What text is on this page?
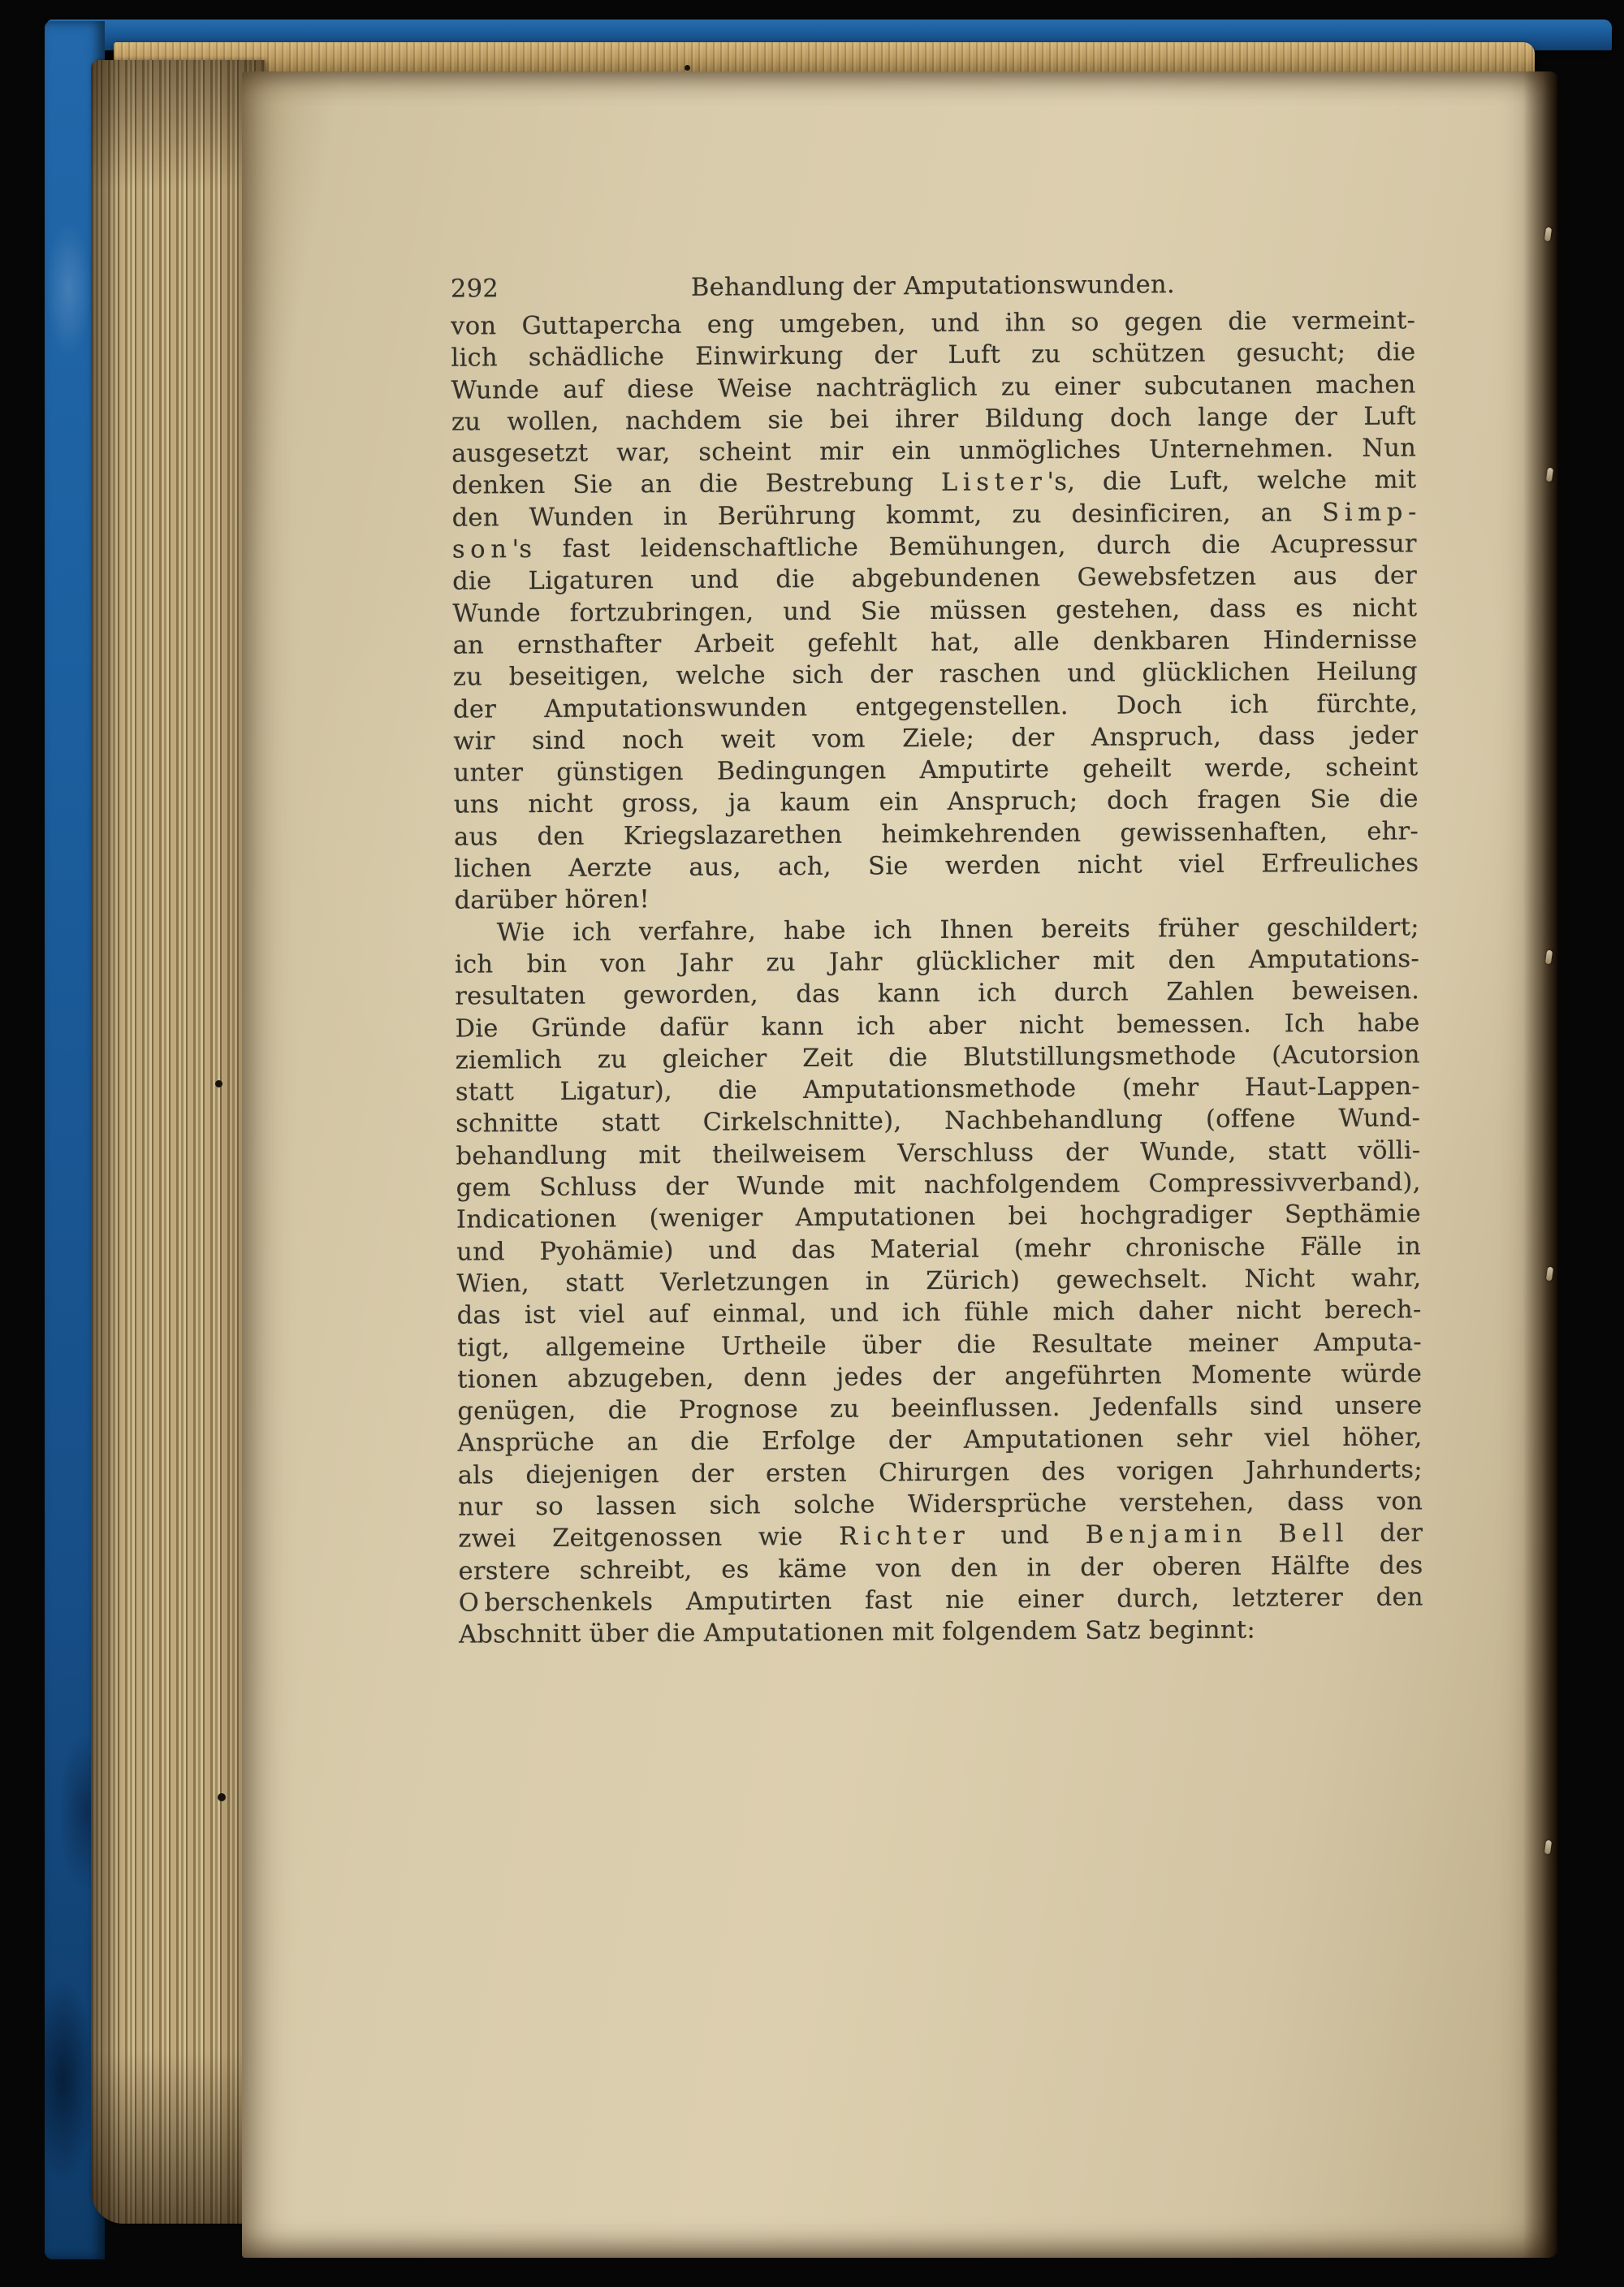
292	Behandlung der Amputationswunden.
von Guttapercha eng umgeben, und ihn so gegen die vermeint-
lich schädliche Einwirkung der Luft zu schützen gesucht; die
Wunde auf diese Weise nachträglich zu einer subcutanen machen
zu wollen, nachdem sie bei ihrer Bildung doch lange der Luft
ausgesetzt war, scheint mir ein unmögliches Unternehmen. Nun
denken Sie an die Bestrebung L i s t e r 's, die Luft, welche mit
den Wunden in Berührung kommt, zu desinficiren, an S i m p -
s o n 's fast leidenschaftliche Bemühungen, durch die Acupressur
die Ligaturen und die abgebundenen Gewebsfetzen aus der
Wunde fortzubringen, und Sie müssen gestehen, dass es nicht
an ernsthafter Arbeit gefehlt hat, alle denkbaren Hindernisse
zu beseitigen, welche sich der raschen und glücklichen Heilung
der Amputationswunden entgegenstellen. Doch ich fürchte,
wir sind noch weit vom Ziele; der Anspruch, dass jeder
unter günstigen Bedingungen Amputirte geheilt werde, scheint
uns nicht gross, ja kaum ein Anspruch; doch fragen Sie die
aus den Kriegslazarethen heimkehrenden gewissenhaften, ehr-
lichen Aerzte aus, ach, Sie werden nicht viel Erfreuliches
darüber hören!
Wie ich verfahre, habe ich Ihnen bereits früher geschildert;
ich bin von Jahr zu Jahr glücklicher mit den Amputations-
resultaten geworden, das kann ich durch Zahlen beweisen.
Die Gründe dafür kann ich aber nicht bemessen. Ich habe
ziemlich zu gleicher Zeit die Blutstillungsmethode (Acutorsion
statt Ligatur), die Amputationsmethode (mehr Haut-Lappen-
schnitte statt Cirkelschnitte), Nachbehandlung (offene Wund-
behandlung mit theilweisem Verschluss der Wunde, statt völli-
gem Schluss der Wunde mit nachfolgendem Compressivverband),
Indicationen (weniger Amputationen bei hochgradiger Septhämie
und Pyohämie) und das Material (mehr chronische Fälle in
Wien, statt Verletzungen in Zürich) gewechselt. Nicht wahr,
das ist viel auf einmal, und ich fühle mich daher nicht berech-
tigt, allgemeine Urtheile über die Resultate meiner Amputa-
tionen abzugeben, denn jedes der angeführten Momente würde
genügen, die Prognose zu beeinflussen. Jedenfalls sind unsere
Ansprüche an die Erfolge der Amputationen sehr viel höher,
als diejenigen der ersten Chirurgen des vorigen Jahrhunderts;
nur so lassen sich solche Widersprüche verstehen, dass von
zwei Zeitgenossen wie R i c h t e r und B e n j a m i n B e l l der
erstere schreibt, es käme von den in der oberen Hälfte des
O berschenkels Amputirten fast nie einer durch, letzterer den
Abschnitt über die Amputationen mit folgendem Satz beginnt:
